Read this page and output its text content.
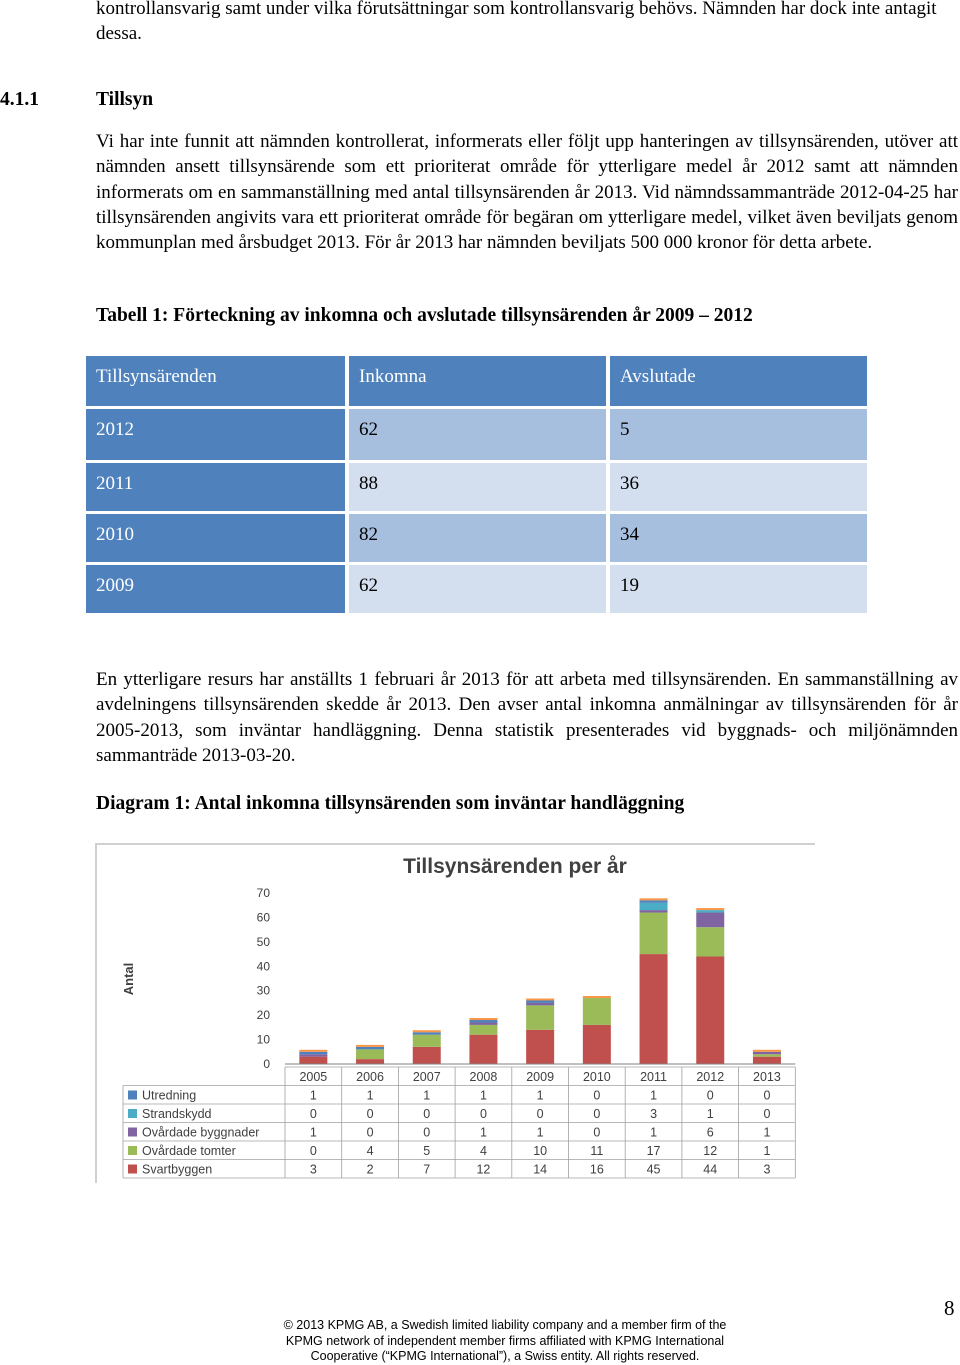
kontrollansvarig samt under vilka förutsättningar som kontrollansvarig behövs. Nämnden har dock inte antagit dessa.

4.1.1	Tillsyn

Vi har inte funnit att nämnden kontrollerat, informerats eller följt upp hanteringen av tillsynsärenden, utöver att nämnden ansett tillsynsärende som ett prioriterat område för ytterligare medel år 2012 samt att nämnden informerats om en sammanställning med antal tillsynsärenden år 2013. Vid nämndssammanträde 2012-04-25 har tillsynsärenden angivits vara ett prioriterat område för begäran om ytterligare medel, vilket även beviljats genom kommunplan med årsbudget 2013. För år 2013 har nämnden beviljats 500 000 kronor för detta arbete.

Tabell 1: Förteckning av inkomna och avslutade tillsynsärenden år 2009 – 2012
Tillsynsärenden	Inkomna	Avslutade
2012	62	5
2011	88	36
2010	82	34
2009	62	19

En ytterligare resurs har anställts 1 februari år 2013 för att arbeta med tillsynsärenden. En sammanställning av avdelningens tillsynsärenden skedde år 2013. Den avser antal inkomna anmälningar av tillsynsärenden för år 2005-2013, som inväntar handläggning. Denna statistik presenterades vid byggnads- och miljönämnden sammanträde 2013-03-20.

Diagram 1: Antal inkomna tillsynsärenden som inväntar handläggning
Tillsynsärenden per år
Antal
0
10
20
30
40
50
60
70
2005 2006 2007 2008 2009 2010 2011 2012 2013
Utredning	1	1	1	1	1	0	1	0	0
Strandskydd	0	0	0	0	0	0	3	1	0
Ovårdade byggnader	1	0	0	1	1	0	1	6	1
Ovårdade tomter	0	4	5	4	10	11	17	12	1
Svartbyggen	3	2	7	12	14	16	45	44	3
© 2013 KPMG AB, a Swedish limited liability company and a member firm of the
KPMG network of independent member firms affiliated with KPMG International
Cooperative (“KPMG International”), a Swiss entity. All rights reserved.
8
